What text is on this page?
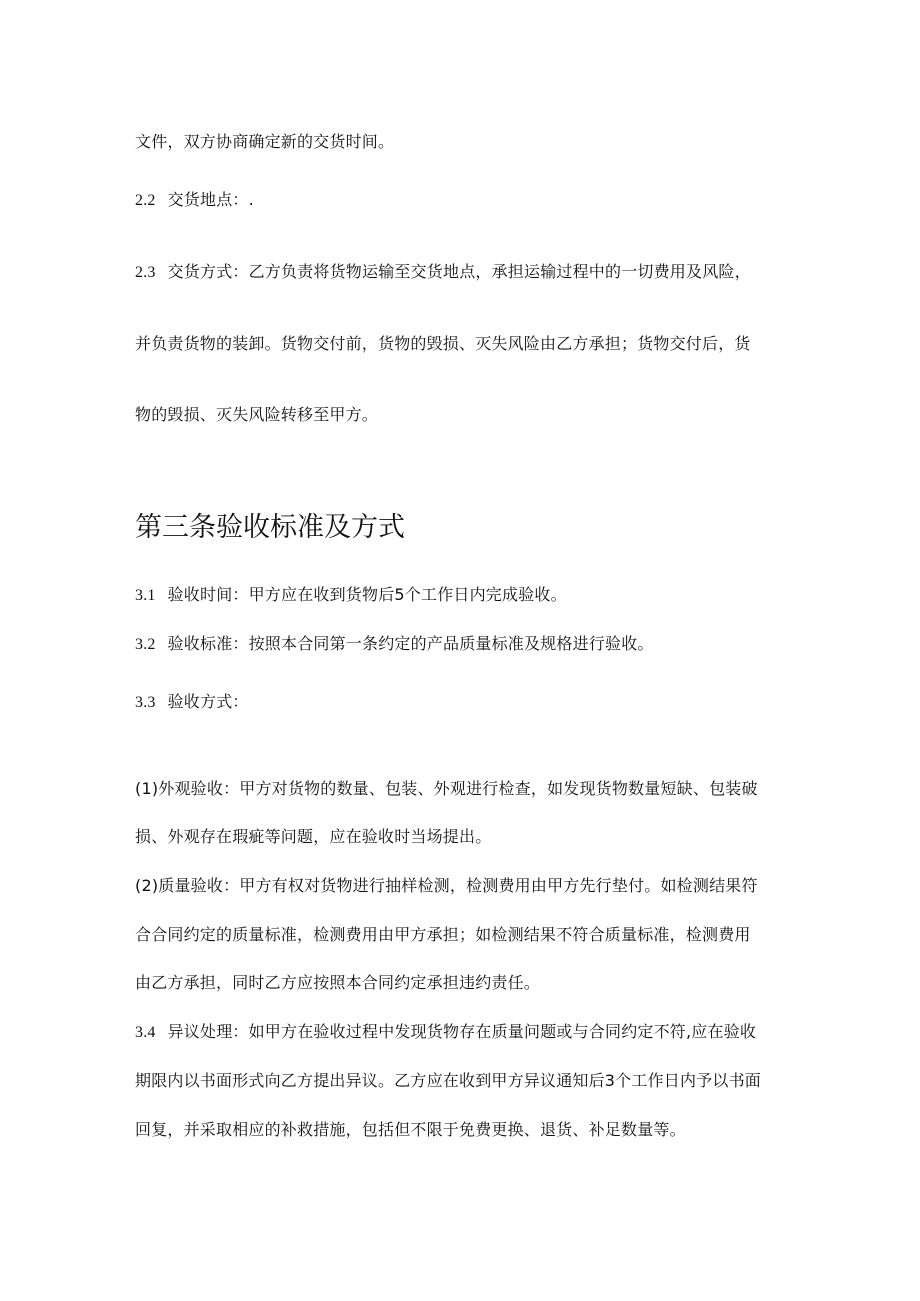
文件，双方协商确定新的交货时间。
2.2 交货地点：.
2.3 交货方式：乙方负责将货物运输至交货地点，承担运输过程中的一切费用及风险，
并负责货物的装卸。货物交付前，货物的毁损、灭失风险由乙方承担；货物交付后，货
物的毁损、灭失风险转移至甲方。
第三条验收标准及方式
3.1 验收时间：甲方应在收到货物后5个工作日内完成验收。
3.2 验收标准：按照本合同第一条约定的产品质量标准及规格进行验收。
3.3 验收方式：
(1)外观验收：甲方对货物的数量、包装、外观进行检查，如发现货物数量短缺、包装破
损、外观存在瑕疵等问题，应在验收时当场提出。
(2)质量验收：甲方有权对货物进行抽样检测，检测费用由甲方先行垫付。如检测结果符
合合同约定的质量标准，检测费用由甲方承担；如检测结果不符合质量标准，检测费用
由乙方承担，同时乙方应按照本合同约定承担违约责任。
3.4 异议处理：如甲方在验收过程中发现货物存在质量问题或与合同约定不符,应在验收
期限内以书面形式向乙方提出异议。乙方应在收到甲方异议通知后3个工作日内予以书面
回复，并采取相应的补救措施，包括但不限于免费更换、退货、补足数量等。
